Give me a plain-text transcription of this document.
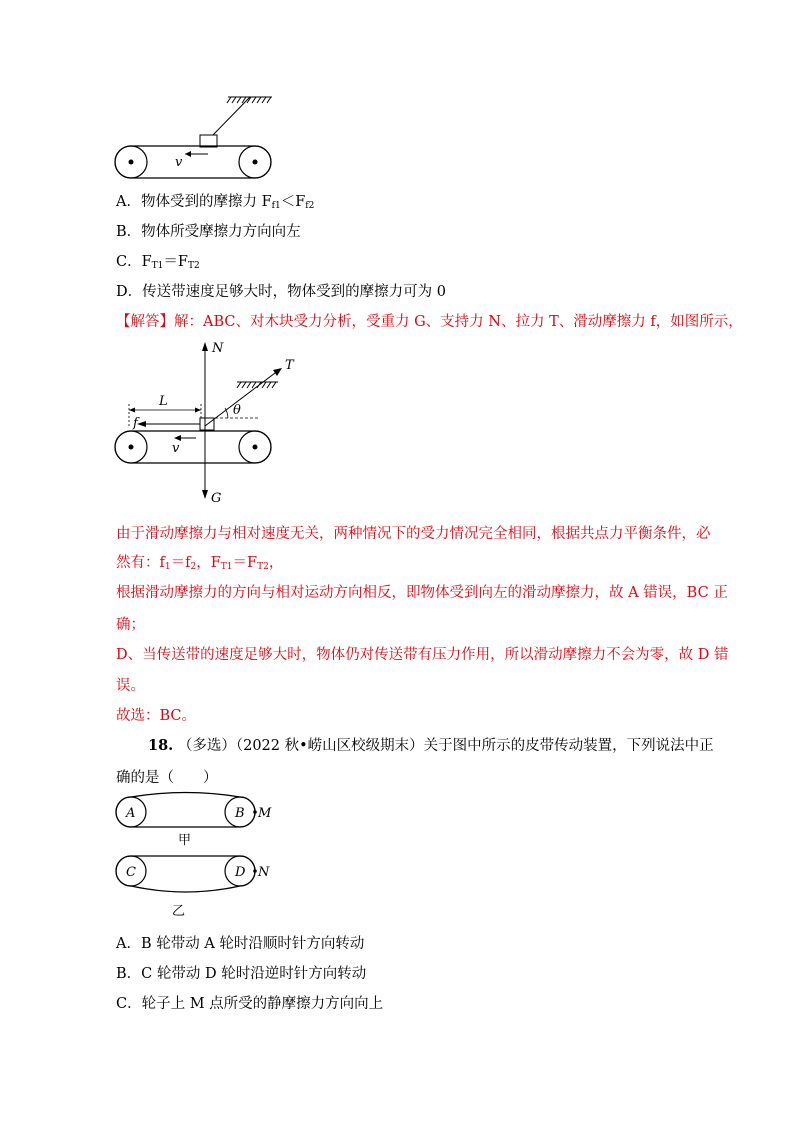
v
A．物体受到的摩擦力 $F_{f1}<F_{f2}$
B．物体所受摩擦力方向向左
C．$F_{T1}=F_{T2}$
D．传送带速度足够大时，物体受到的摩擦力可为 0
【解答】解：ABC、对木块受力分析，受重力 G、支持力 N、拉力 T、滑动摩擦力 f，如图所示，
N
G
T
θ
L
f
v
由于滑动摩擦力与相对速度无关，两种情况下的受力情况完全相同，根据共点力平衡条件，必
然有：$f_1=f_2$，$F_{T1}=F_{T2}$，
根据滑动摩擦力的方向与相对运动方向相反，即物体受到向左的滑动摩擦力，故 A 错误，BC 正
确；
D、当传送带的速度足够大时，物体仍对传送带有压力作用，所以滑动摩擦力不会为零，故 D 错
误。
故选：BC。
18. （多选）（2022 秋•崂山区校级期末）关于图中所示的皮带传动装置，下列说法中正
确的是（　　）
A	B M
甲
C	D N
乙
A．B 轮带动 A 轮时沿顺时针方向转动
B．C 轮带动 D 轮时沿逆时针方向转动
C．轮子上 M 点所受的静摩擦力方向向上
